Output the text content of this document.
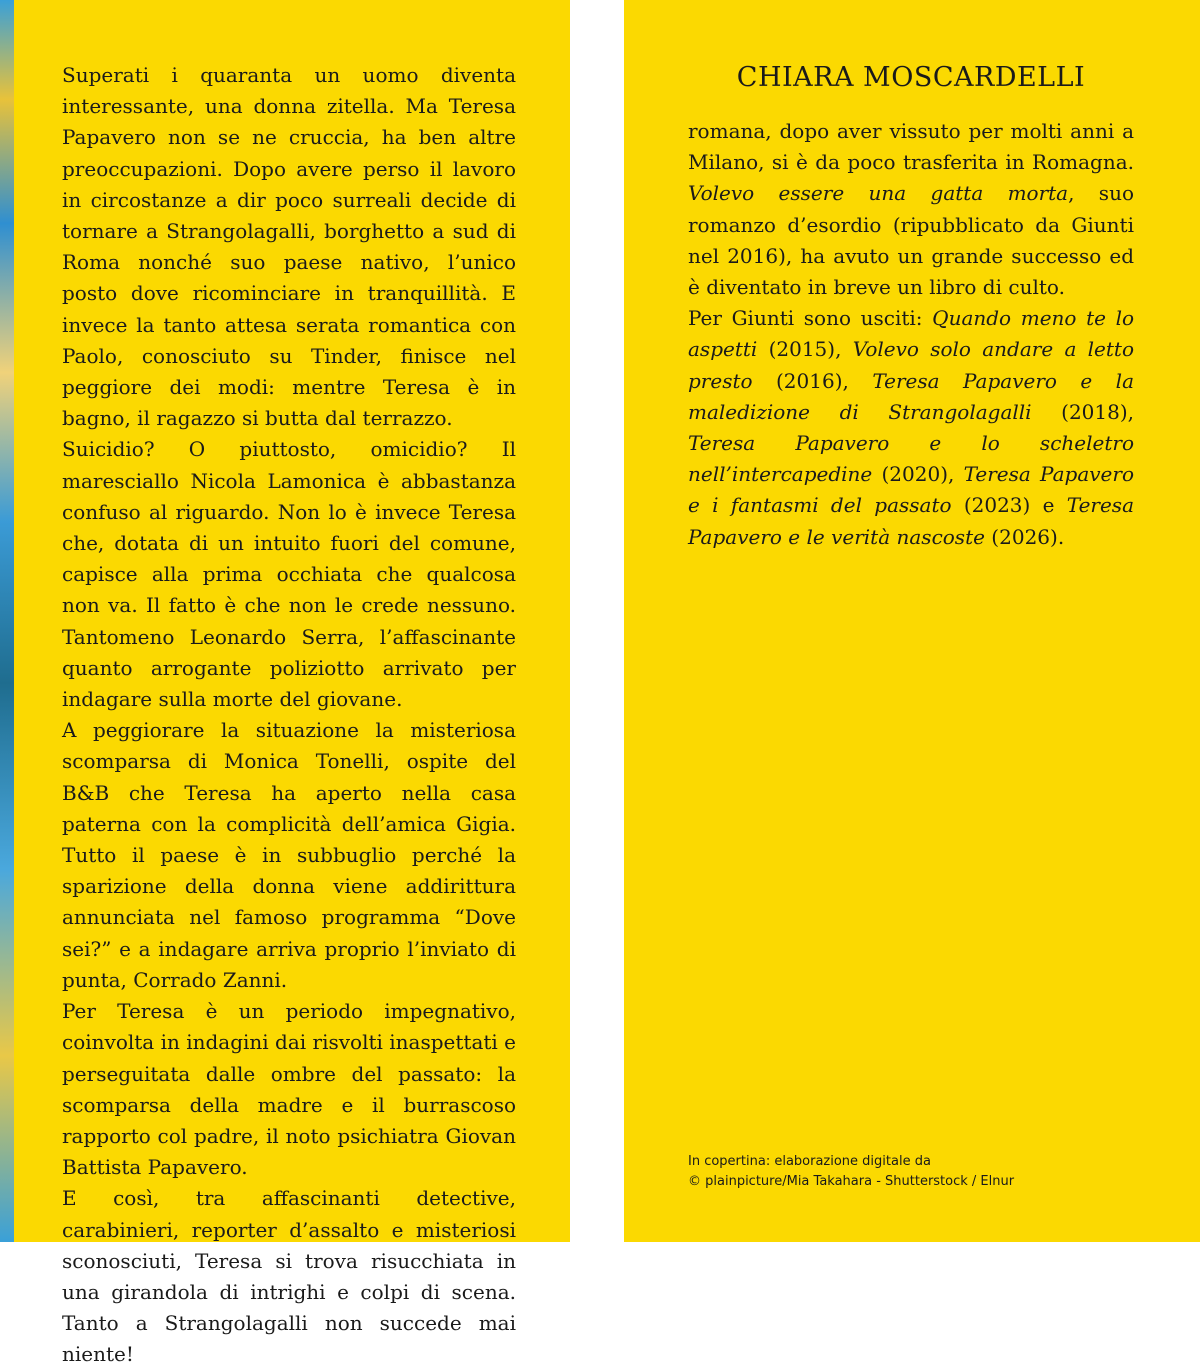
Superati i quaranta un uomo diventa interessante, una donna zitella. Ma Teresa Papavero non se ne cruccia, ha ben altre preoccupazioni. Dopo avere perso il lavoro in circostanze a dir poco surreali decide di tornare a Strangolagalli, borghetto a sud di Roma nonché suo paese nativo, l’unico posto dove ricominciare in tranquillità. E invece la tanto attesa serata romantica con Paolo, conosciuto su Tinder, finisce nel peggiore dei modi: mentre Teresa è in bagno, il ragazzo si butta dal terrazzo.

Suicidio? O piuttosto, omicidio? Il maresciallo Nicola Lamonica è abbastanza confuso al riguardo. Non lo è invece Teresa che, dotata di un intuito fuori del comune, capisce alla prima occhiata che qualcosa non va. Il fatto è che non le crede nessuno. Tantomeno Leonardo Serra, l’affascinante quanto arrogante poliziotto arrivato per indagare sulla morte del giovane.

A peggiorare la situazione la misteriosa scomparsa di Monica Tonelli, ospite del B&B che Teresa ha aperto nella casa paterna con la complicità dell’amica Gigia. Tutto il paese è in subbuglio perché la sparizione della donna viene addirittura annunciata nel famoso programma “Dove sei?” e a indagare arriva proprio l’inviato di punta, Corrado Zanni.

Per Teresa è un periodo impegnativo, coinvolta in indagini dai risvolti inaspettati e perseguitata dalle ombre del passato: la scomparsa della madre e il burrascoso rapporto col padre, il noto psichiatra Giovan Battista Papavero.

E così, tra affascinanti detective, carabinieri, reporter d’assalto e misteriosi sconosciuti, Teresa si trova risucchiata in una girandola di intrighi e colpi di scena. Tanto a Strangolagalli non succede mai niente!

CHIARA MOSCARDELLI

romana, dopo aver vissuto per molti anni a Milano, si è da poco trasferita in Romagna. Volevo essere una gatta morta, suo romanzo d’esordio (ripubblicato da Giunti nel 2016), ha avuto un grande successo ed è diventato in breve un libro di culto.

Per Giunti sono usciti: Quando meno te lo aspetti (2015), Volevo solo andare a letto presto (2016), Teresa Papavero e la maledizione di Strangolagalli (2018), Teresa Papavero e lo scheletro nell’intercapedine (2020), Teresa Papavero e i fantasmi del passato (2023) e Teresa Papavero e le verità nascoste (2026).

In copertina: elaborazione digitale da
© plainpicture/Mia Takahara - Shutterstock / Elnur
